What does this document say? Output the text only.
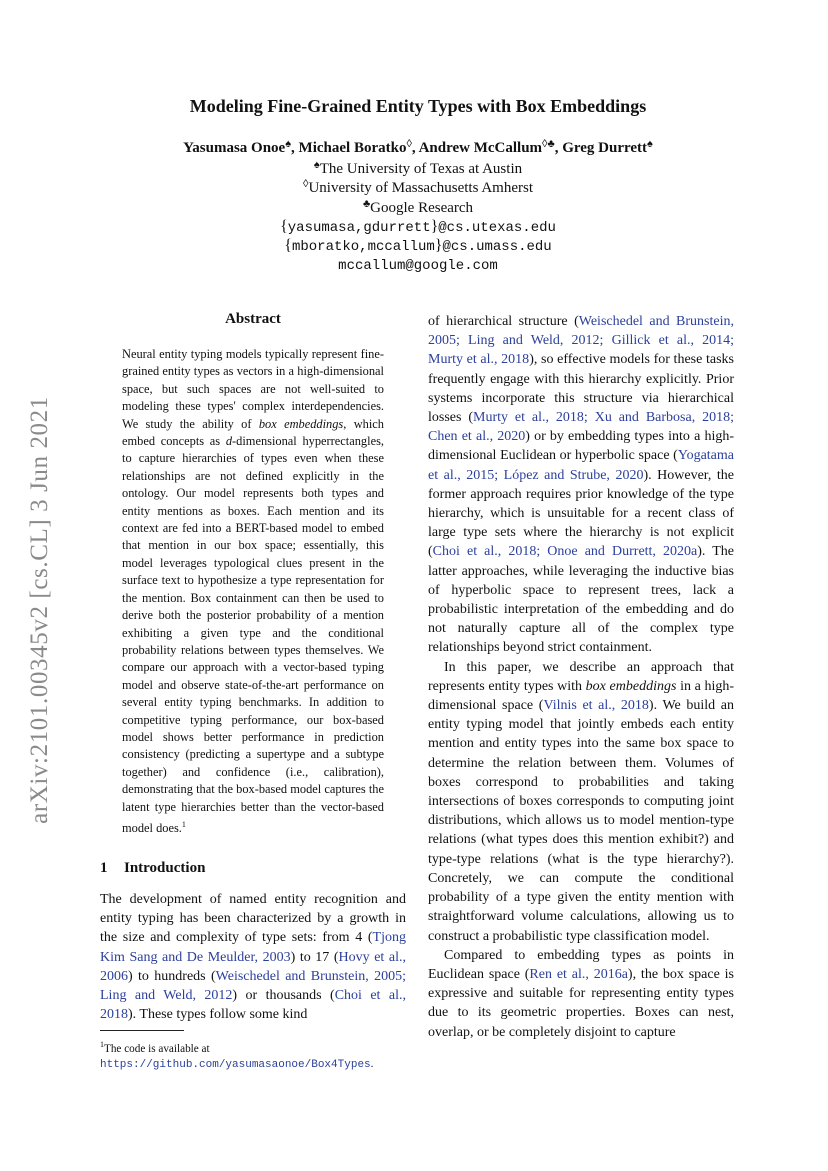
arXiv:2101.00345v2 [cs.CL] 3 Jun 2021
Modeling Fine-Grained Entity Types with Box Embeddings
Yasumasa Onoe♠, Michael Boratko◊, Andrew McCallum◊♣, Greg Durrett♠
♠The University of Texas at Austin
◊University of Massachusetts Amherst
♣Google Research
{yasumasa,gdurrett}@cs.utexas.edu
{mboratko,mccallum}@cs.umass.edu
mccallum@google.com
Abstract
Neural entity typing models typically represent fine-grained entity types as vectors in a high-dimensional space, but such spaces are not well-suited to modeling these types' complex interdependencies. We study the ability of box embeddings, which embed concepts as d-dimensional hyperrectangles, to capture hierarchies of types even when these relationships are not defined explicitly in the ontology. Our model represents both types and entity mentions as boxes. Each mention and its context are fed into a BERT-based model to embed that mention in our box space; essentially, this model leverages typological clues present in the surface text to hypothesize a type representation for the mention. Box containment can then be used to derive both the posterior probability of a mention exhibiting a given type and the conditional probability relations between types themselves. We compare our approach with a vector-based typing model and observe state-of-the-art performance on several entity typing benchmarks. In addition to competitive typing performance, our box-based model shows better performance in prediction consistency (predicting a supertype and a subtype together) and confidence (i.e., calibration), demonstrating that the box-based model captures the latent type hierarchies better than the vector-based model does.$^1$
1 Introduction
The development of named entity recognition and entity typing has been characterized by a growth in the size and complexity of type sets: from 4 (Tjong Kim Sang and De Meulder, 2003) to 17 (Hovy et al., 2006) to hundreds (Weischedel and Brunstein, 2005; Ling and Weld, 2012) or thousands (Choi et al., 2018). These types follow some kind
$^1$The code is available at https://github.com/yasumasaonoe/Box4Types.

of hierarchical structure (Weischedel and Brunstein, 2005; Ling and Weld, 2012; Gillick et al., 2014; Murty et al., 2018), so effective models for these tasks frequently engage with this hierarchy explicitly. Prior systems incorporate this structure via hierarchical losses (Murty et al., 2018; Xu and Barbosa, 2018; Chen et al., 2020) or by embedding types into a high-dimensional Euclidean or hyperbolic space (Yogatama et al., 2015; López and Strube, 2020). However, the former approach requires prior knowledge of the type hierarchy, which is unsuitable for a recent class of large type sets where the hierarchy is not explicit (Choi et al., 2018; Onoe and Durrett, 2020a). The latter approaches, while leveraging the inductive bias of hyperbolic space to represent trees, lack a probabilistic interpretation of the embedding and do not naturally capture all of the complex type relationships beyond strict containment.

In this paper, we describe an approach that represents entity types with box embeddings in a high-dimensional space (Vilnis et al., 2018). We build an entity typing model that jointly embeds each entity mention and entity types into the same box space to determine the relation between them. Volumes of boxes correspond to probabilities and taking intersections of boxes corresponds to computing joint distributions, which allows us to model mention-type relations (what types does this mention exhibit?) and type-type relations (what is the type hierarchy?). Concretely, we can compute the conditional probability of a type given the entity mention with straightforward volume calculations, allowing us to construct a probabilistic type classification model.

Compared to embedding types as points in Euclidean space (Ren et al., 2016a), the box space is expressive and suitable for representing entity types due to its geometric properties. Boxes can nest, overlap, or be completely disjoint to capture
